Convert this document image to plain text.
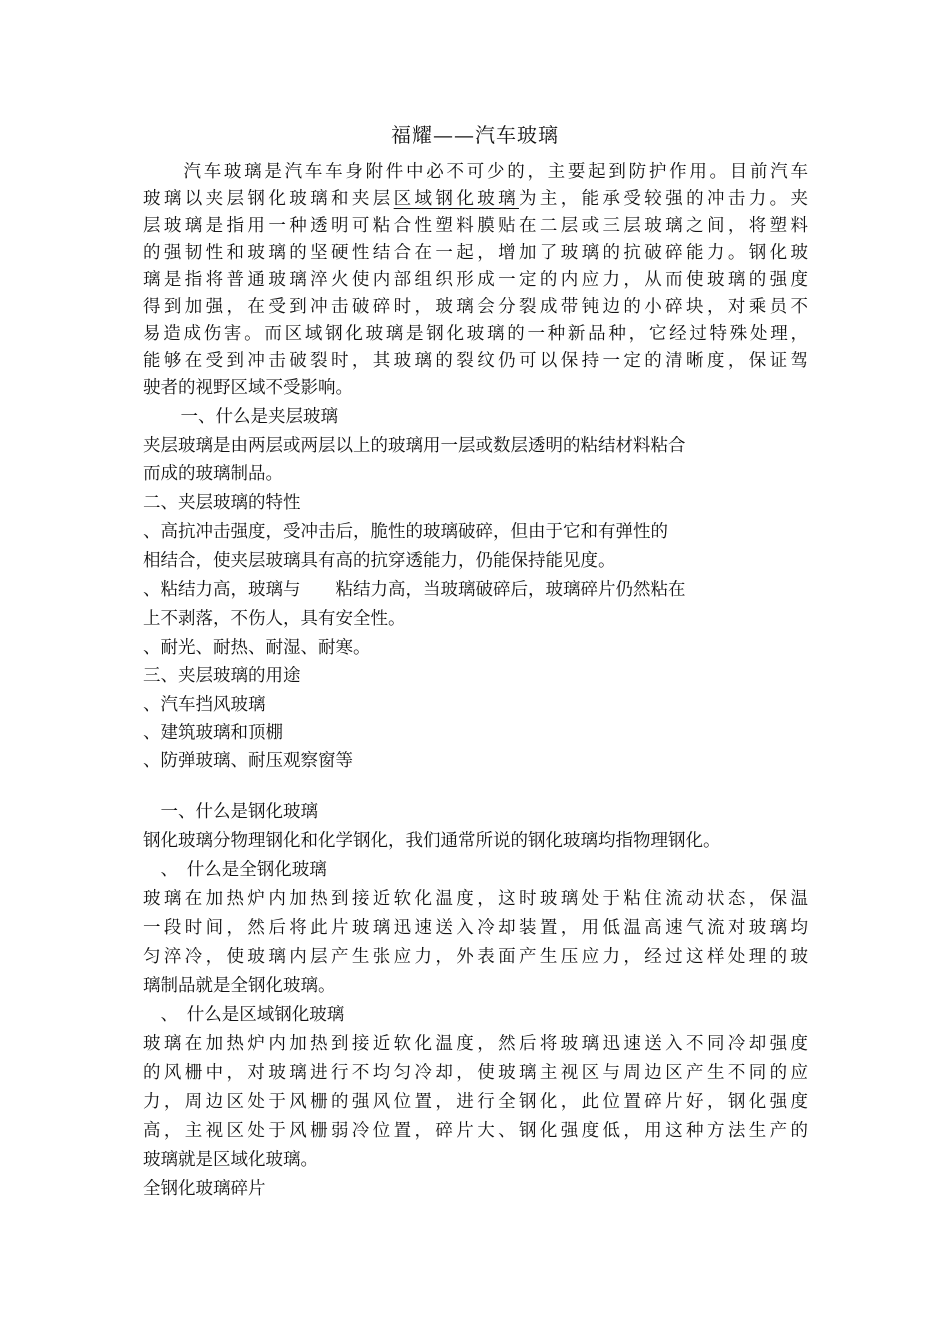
福耀——汽车玻璃
　　汽车玻璃是汽车车身附件中必不可少的，主要起到防护作用。目前汽车
玻璃以夹层钢化玻璃和夹层区域钢化玻璃为主，能承受较强的冲击力。夹
层玻璃是指用一种透明可粘合性塑料膜贴在二层或三层玻璃之间，将塑料
的强韧性和玻璃的坚硬性结合在一起，增加了玻璃的抗破碎能力。钢化玻
璃是指将普通玻璃淬火使内部组织形成一定的内应力，从而使玻璃的强度
得到加强，在受到冲击破碎时，玻璃会分裂成带钝边的小碎块，对乘员不
易造成伤害。而区域钢化玻璃是钢化玻璃的一种新品种，它经过特殊处理，
能够在受到冲击破裂时，其玻璃的裂纹仍可以保持一定的清晰度，保证驾
驶者的视野区域不受影响。
　一、什么是夹层玻璃
夹层玻璃是由两层或两层以上的玻璃用一层或数层透明的粘结材料粘合
而成的玻璃制品。
二、夹层玻璃的特性
、高抗冲击强度，受冲击后，脆性的玻璃破碎，但由于它和有弹性的
相结合，使夹层玻璃具有高的抗穿透能力，仍能保持能见度。
、粘结力高，玻璃与　　粘结力高，当玻璃破碎后，玻璃碎片仍然粘在
上不剥落，不伤人，具有安全性。
、耐光、耐热、耐湿、耐寒。
三、夹层玻璃的用途
、汽车挡风玻璃
、建筑玻璃和顶棚
、防弹玻璃、耐压观察窗等
　一、什么是钢化玻璃
钢化玻璃分物理钢化和化学钢化，我们通常所说的钢化玻璃均指物理钢化。
　、　什么是全钢化玻璃
玻璃在加热炉内加热到接近软化温度，这时玻璃处于粘住流动状态，保温
一段时间，然后将此片玻璃迅速送入冷却装置，用低温高速气流对玻璃均
匀淬冷，使玻璃内层产生张应力，外表面产生压应力，经过这样处理的玻
璃制品就是全钢化玻璃。
　、　什么是区域钢化玻璃
玻璃在加热炉内加热到接近软化温度，然后将玻璃迅速送入不同冷却强度
的风栅中，对玻璃进行不均匀冷却，使玻璃主视区与周边区产生不同的应
力，周边区处于风栅的强风位置，进行全钢化，此位置碎片好，钢化强度
高，主视区处于风栅弱冷位置，碎片大、钢化强度低，用这种方法生产的
玻璃就是区域化玻璃。
全钢化玻璃碎片
